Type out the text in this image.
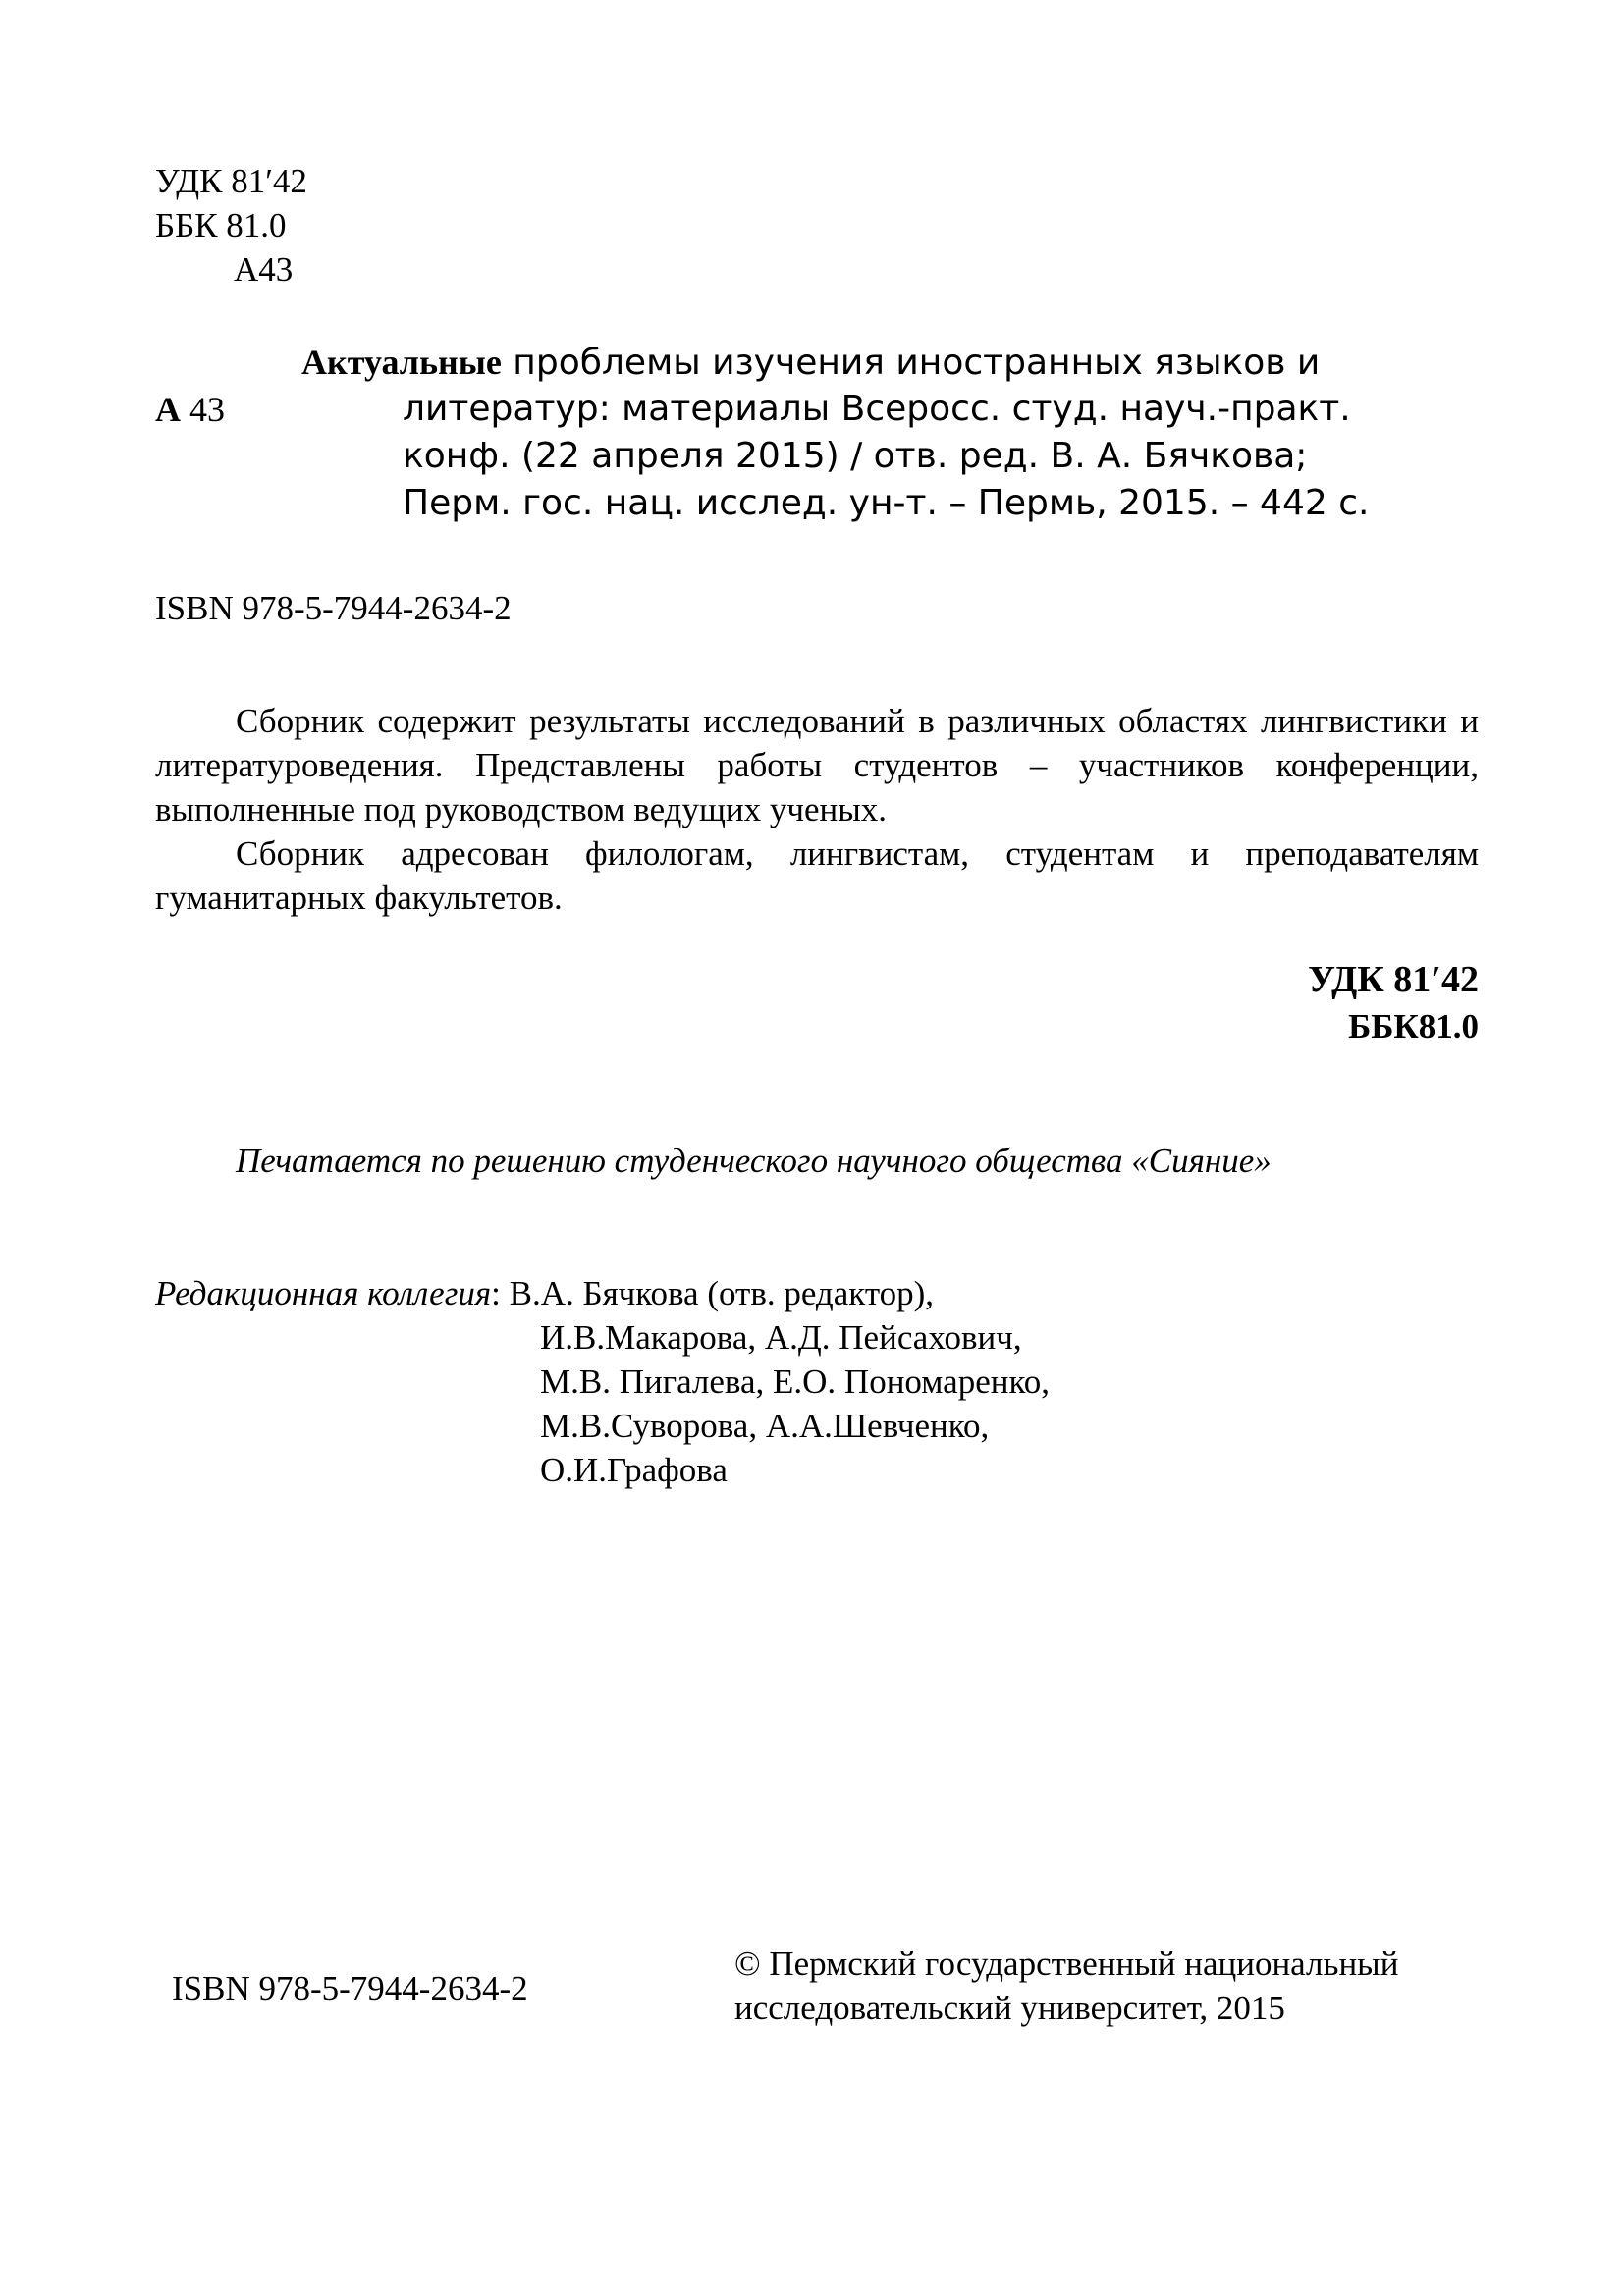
УДК 81′42
ББК 81.0
А43
А 43
Актуальные проблемы изучения иностранных языков и
литератур: материалы Всеросс. студ. науч.-практ.
конф. (22 апреля 2015) / отв. ред. В. А. Бячкова;
Перм. гос. нац. исслед. ун-т. – Пермь, 2015. – 442 с.
ISBN 978-5-7944-2634-2

Сборник содержит результаты исследований в различных областях лингвистики и литературоведения. Представлены работы студентов – участников конференции, выполненные под руководством ведущих ученых.

Сборник адресован филологам, лингвистам, студентам и преподавателям гуманитарных факультетов.

УДК 81′42
ББК81.0
Печатается по решению студенческого научного общества «Сияние»
Редакционная коллегия: В.А. Бячкова (отв. редактор),
И.В.Макарова, А.Д. Пейсахович,
М.В. Пигалева, Е.О. Пономаренко,
М.В.Суворова, А.А.Шевченко,
О.И.Графова
ISBN 978-5-7944-2634-2
© Пермский государственный национальный
исследовательский университет, 2015
